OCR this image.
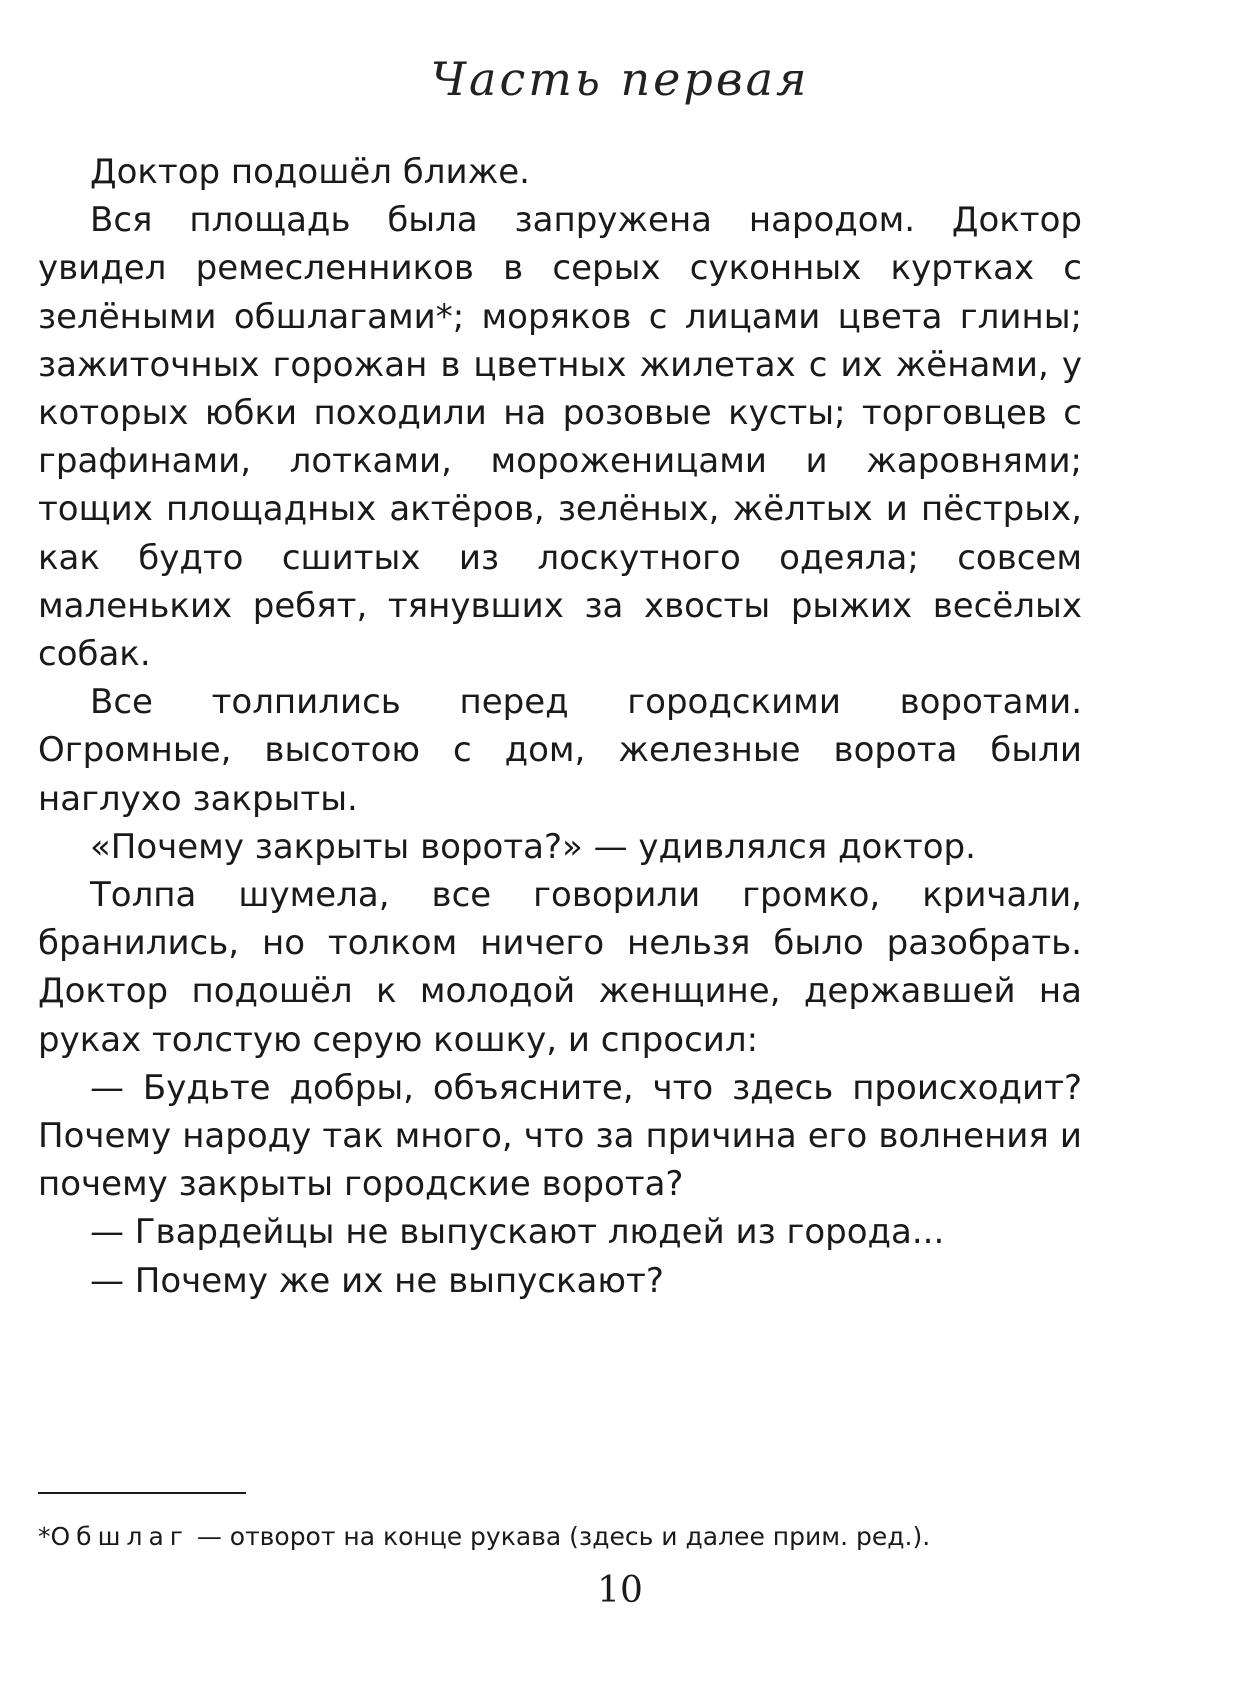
Часть первая

Доктор подошёл ближе.

Вся площадь была запружена народом. Доктор увидел ремесленников в серых суконных куртках с зелёными обшлагами*; моряков с лицами цвета глины; зажиточных горожан в цветных жилетах с их жёнами, у которых юбки походили на розовые кусты; торговцев с графинами, лотками, мороженицами и жаровнями; тощих площадных актёров, зелёных, жёлтых и пёстрых, как будто сшитых из лоскутного одеяла; совсем маленьких ребят, тянувших за хвосты рыжих весёлых собак.

Все толпились перед городскими воротами. Огромные, высотою с дом, железные ворота были наглухо закрыты.

«Почему закрыты ворота?» — удивлялся доктор.

Толпа шумела, все говорили громко, кричали, бранились, но толком ничего нельзя было разобрать. Доктор подошёл к молодой женщине, державшей на руках толстую серую кошку, и спросил:

— Будьте добры, объясните, что здесь происходит? Почему народу так много, что за причина его волнения и почему закрыты городские ворота?

— Гвардейцы не выпускают людей из города...

— Почему же их не выпускают?

*Обшлаг — отворот на конце рукава (здесь и далее прим. ред.).
10
